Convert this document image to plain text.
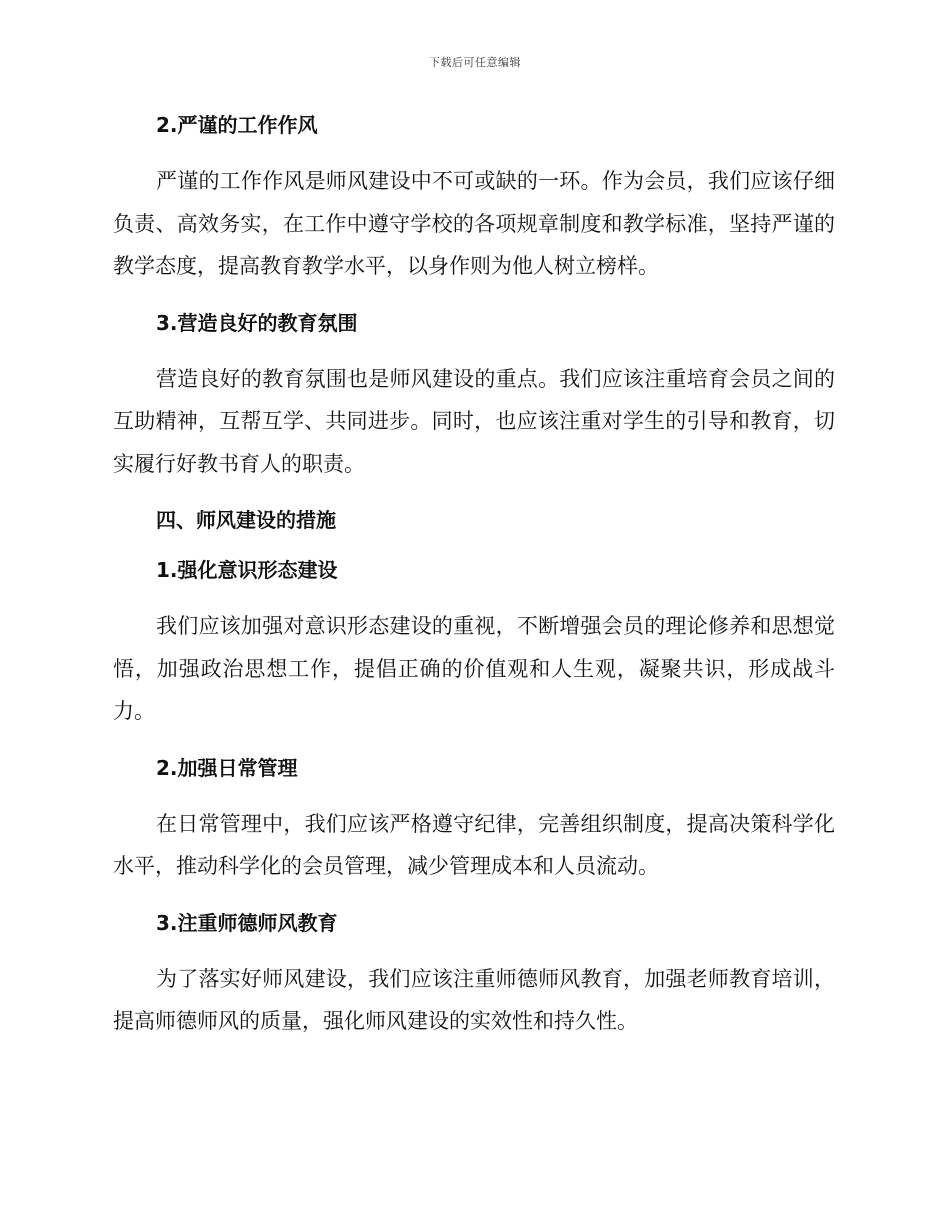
下载后可任意编辑
2.严谨的工作作风

严谨的工作作风是师风建设中不可或缺的一环。作为会员，我们应该仔细负责、高效务实，在工作中遵守学校的各项规章制度和教学标准，坚持严谨的教学态度，提高教育教学水平，以身作则为他人树立榜样。

3.营造良好的教育氛围

营造良好的教育氛围也是师风建设的重点。我们应该注重培育会员之间的互助精神，互帮互学、共同进步。同时，也应该注重对学生的引导和教育，切实履行好教书育人的职责。

四、师风建设的措施
1.强化意识形态建设

我们应该加强对意识形态建设的重视，不断增强会员的理论修养和思想觉悟，加强政治思想工作，提倡正确的价值观和人生观，凝聚共识，形成战斗力。

2.加强日常管理

在日常管理中，我们应该严格遵守纪律，完善组织制度，提高决策科学化水平，推动科学化的会员管理，减少管理成本和人员流动。

3.注重师德师风教育

为了落实好师风建设，我们应该注重师德师风教育，加强老师教育培训，提高师德师风的质量，强化师风建设的实效性和持久性。
